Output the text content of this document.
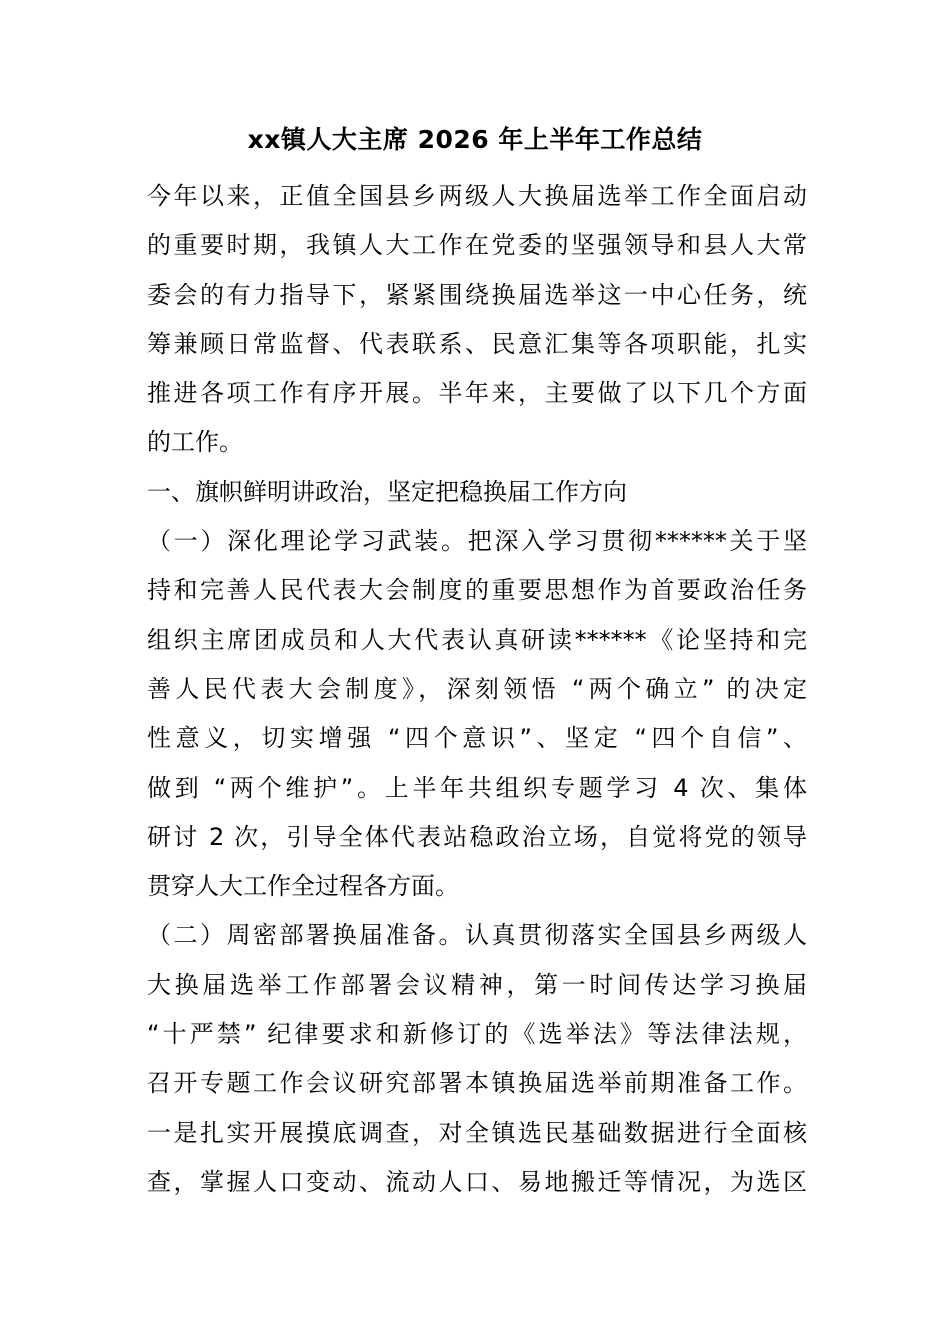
xx镇人大主席 2026 年上半年工作总结
今年以来，正值全国县乡两级人大换届选举工作全面启动
的重要时期，我镇人大工作在党委的坚强领导和县人大常
委会的有力指导下，紧紧围绕换届选举这一中心任务，统
筹兼顾日常监督、代表联系、民意汇集等各项职能，扎实
推进各项工作有序开展。半年来，主要做了以下几个方面
的工作。
一、旗帜鲜明讲政治，坚定把稳换届工作方向
（一）深化理论学习武装。把深入学习贯彻******关于坚
持和完善人民代表大会制度的重要思想作为首要政治任务
组织主席团成员和人大代表认真研读******《论坚持和完
善人民代表大会制度》，深刻领悟 “两个确立” 的决定
性意义，切实增强 “四个意识”、坚定 “四个自信”、
做到 “两个维护”。上半年共组织专题学习 4 次、集体
研讨 2 次，引导全体代表站稳政治立场，自觉将党的领导
贯穿人大工作全过程各方面。
（二）周密部署换届准备。认真贯彻落实全国县乡两级人
大换届选举工作部署会议精神，第一时间传达学习换届
“十严禁” 纪律要求和新修订的《选举法》等法律法规，
召开专题工作会议研究部署本镇换届选举前期准备工作。
一是扎实开展摸底调查，对全镇选民基础数据进行全面核
查，掌握人口变动、流动人口、易地搬迁等情况，为选区
